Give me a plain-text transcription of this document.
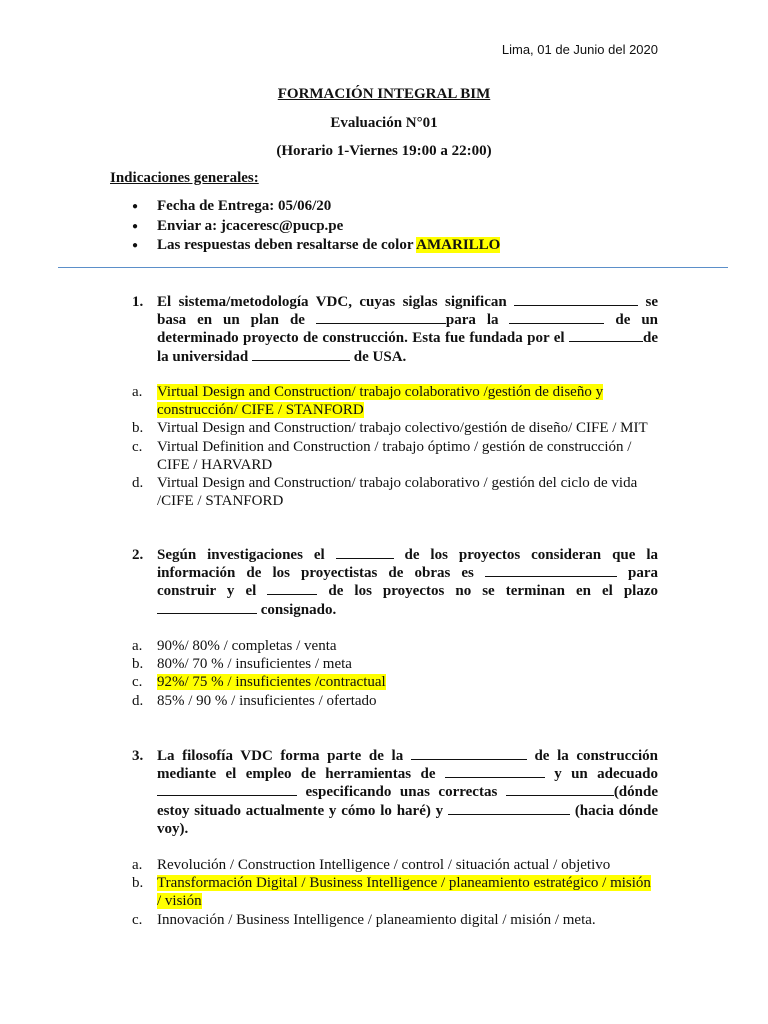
Lima, 01 de Junio del 2020
FORMACIÓN INTEGRAL BIM
Evaluación N°01
(Horario 1-Viernes 19:00 a 22:00)
Indicaciones generales:
● Fecha de Entrega: 05/06/20
● Enviar a: jcaceresc@pucp.pe
● Las respuestas deben resaltarse de color AMARILLO
1. El sistema/metodología VDC, cuyas siglas significan	se basa en un plan de	para la	de un determinado proyecto de construcción. Esta fue fundada por el	de la universidad	de USA.
a. Virtual Design and Construction/ trabajo colaborativo /gestión de diseño y construcción/ CIFE / STANFORD
b. Virtual Design and Construction/ trabajo colectivo/gestión de diseño/ CIFE / MIT
c. Virtual Definition and Construction / trabajo óptimo / gestión de construcción / CIFE / HARVARD
d. Virtual Design and Construction/ trabajo colaborativo / gestión del ciclo de vida /CIFE / STANFORD
2. Según investigaciones el	de los proyectos consideran que la información de los proyectistas de obras es	para construir y el	de los proyectos no se terminan en el plazo  consignado.
a. 90%/ 80% / completas / venta
b. 80%/ 70 % / insuficientes / meta
c. 92%/ 75 % / insuficientes /contractual
d. 85% / 90 % / insuficientes / ofertado
3. La filosofía VDC forma parte de la	de la construcción mediante el empleo de herramientas de	y un adecuado  especificando unas correctas	(dónde estoy situado actualmente y cómo lo haré) y	(hacia dónde voy).
a. Revolución / Construction Intelligence / control / situación actual / objetivo
b. Transformación Digital / Business Intelligence / planeamiento estratégico / misión / visión
c. Innovación / Business Intelligence / planeamiento digital / misión / meta.
